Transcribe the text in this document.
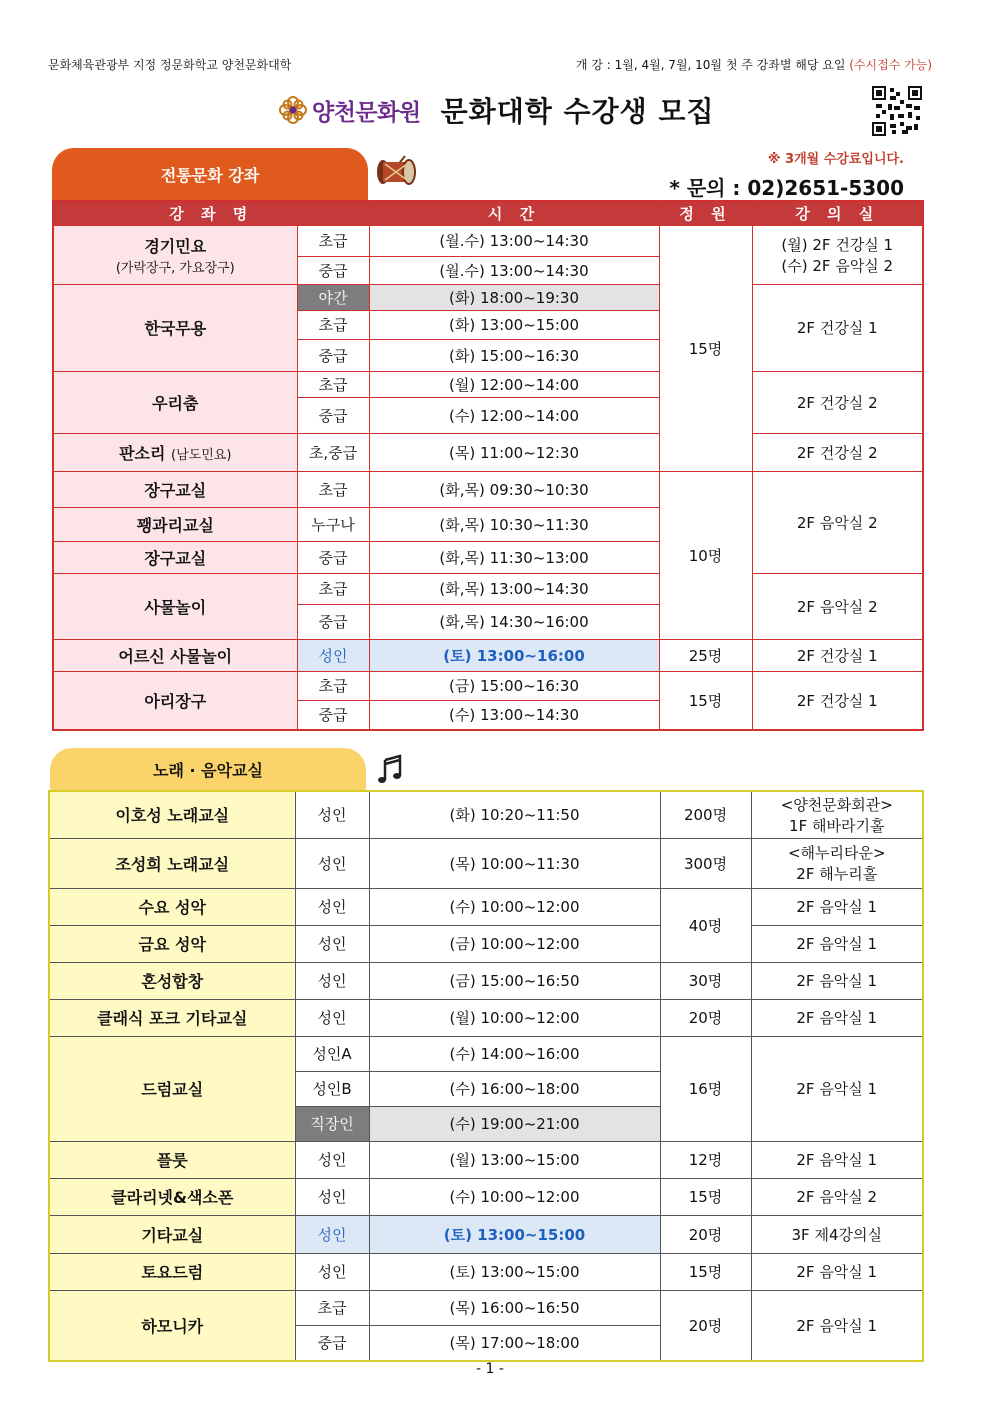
문화체육관광부 지정 정문화학교 양천문화대학	개 강 : 1월, 4월, 7월, 10월 첫 주 강좌별 해당 요일 (수시접수 가능)
양천문화원 문화대학 수강생 모집
전통문화 강좌
※ 3개월 수강료입니다.
* 문의 : 02)2651-5300
강 좌 명		시 간	정 원	강 의 실
경기민요
(가락장구, 가요장구)	초급	(월.수) 13:00~14:30	15명	(월) 2F 건강실 1
(수) 2F 음악실 2
	중급	(월.수) 13:00~14:30		
한국무용	야간	(화) 18:00~19:30		2F 건강실 1
	초급	(화) 13:00~15:00		
	중급	(화) 15:00~16:30		
우리춤	초급	(월) 12:00~14:00		2F 건강실 2
	중급	(수) 12:00~14:00		
판소리 (남도민요)	초,중급	(목) 11:00~12:30		2F 건강실 2
장구교실	초급	(화,목) 09:30~10:30	10명	2F 음악실 2
꽹과리교실	누구나	(화,목) 10:30~11:30		
장구교실	중급	(화,목) 11:30~13:00		
사물놀이	초급	(화,목) 13:00~14:30		2F 음악실 2
	중급	(화,목) 14:30~16:00		
어르신 사물놀이	성인	(토) 13:00~16:00	25명	2F 건강실 1
아리장구	초급	(금) 15:00~16:30	15명	2F 건강실 1
	중급	(수) 13:00~14:30		
노래 · 음악교실
이호성 노래교실	성인	(화) 10:20~11:50	200명	<양천문화회관>
1F 해바라기홀
조성희 노래교실	성인	(목) 10:00~11:30	300명	<해누리타운>
2F 해누리홀
수요 성악	성인	(수) 10:00~12:00	40명	2F 음악실 1
금요 성악	성인	(금) 10:00~12:00		2F 음악실 1
혼성합창	성인	(금) 15:00~16:50	30명	2F 음악실 1
클래식 포크 기타교실	성인	(월) 10:00~12:00	20명	2F 음악실 1
드럼교실	성인A	(수) 14:00~16:00	16명	2F 음악실 1
	성인B	(수) 16:00~18:00		
	직장인	(수) 19:00~21:00		
플룻	성인	(월) 13:00~15:00	12명	2F 음악실 1
클라리넷&색소폰	성인	(수) 10:00~12:00	15명	2F 음악실 2
기타교실	성인	(토) 13:00~15:00	20명	3F 제4강의실
토요드럼	성인	(토) 13:00~15:00	15명	2F 음악실 1
하모니카	초급	(목) 16:00~16:50	20명	2F 음악실 1
	중급	(목) 17:00~18:00		
- 1 -
